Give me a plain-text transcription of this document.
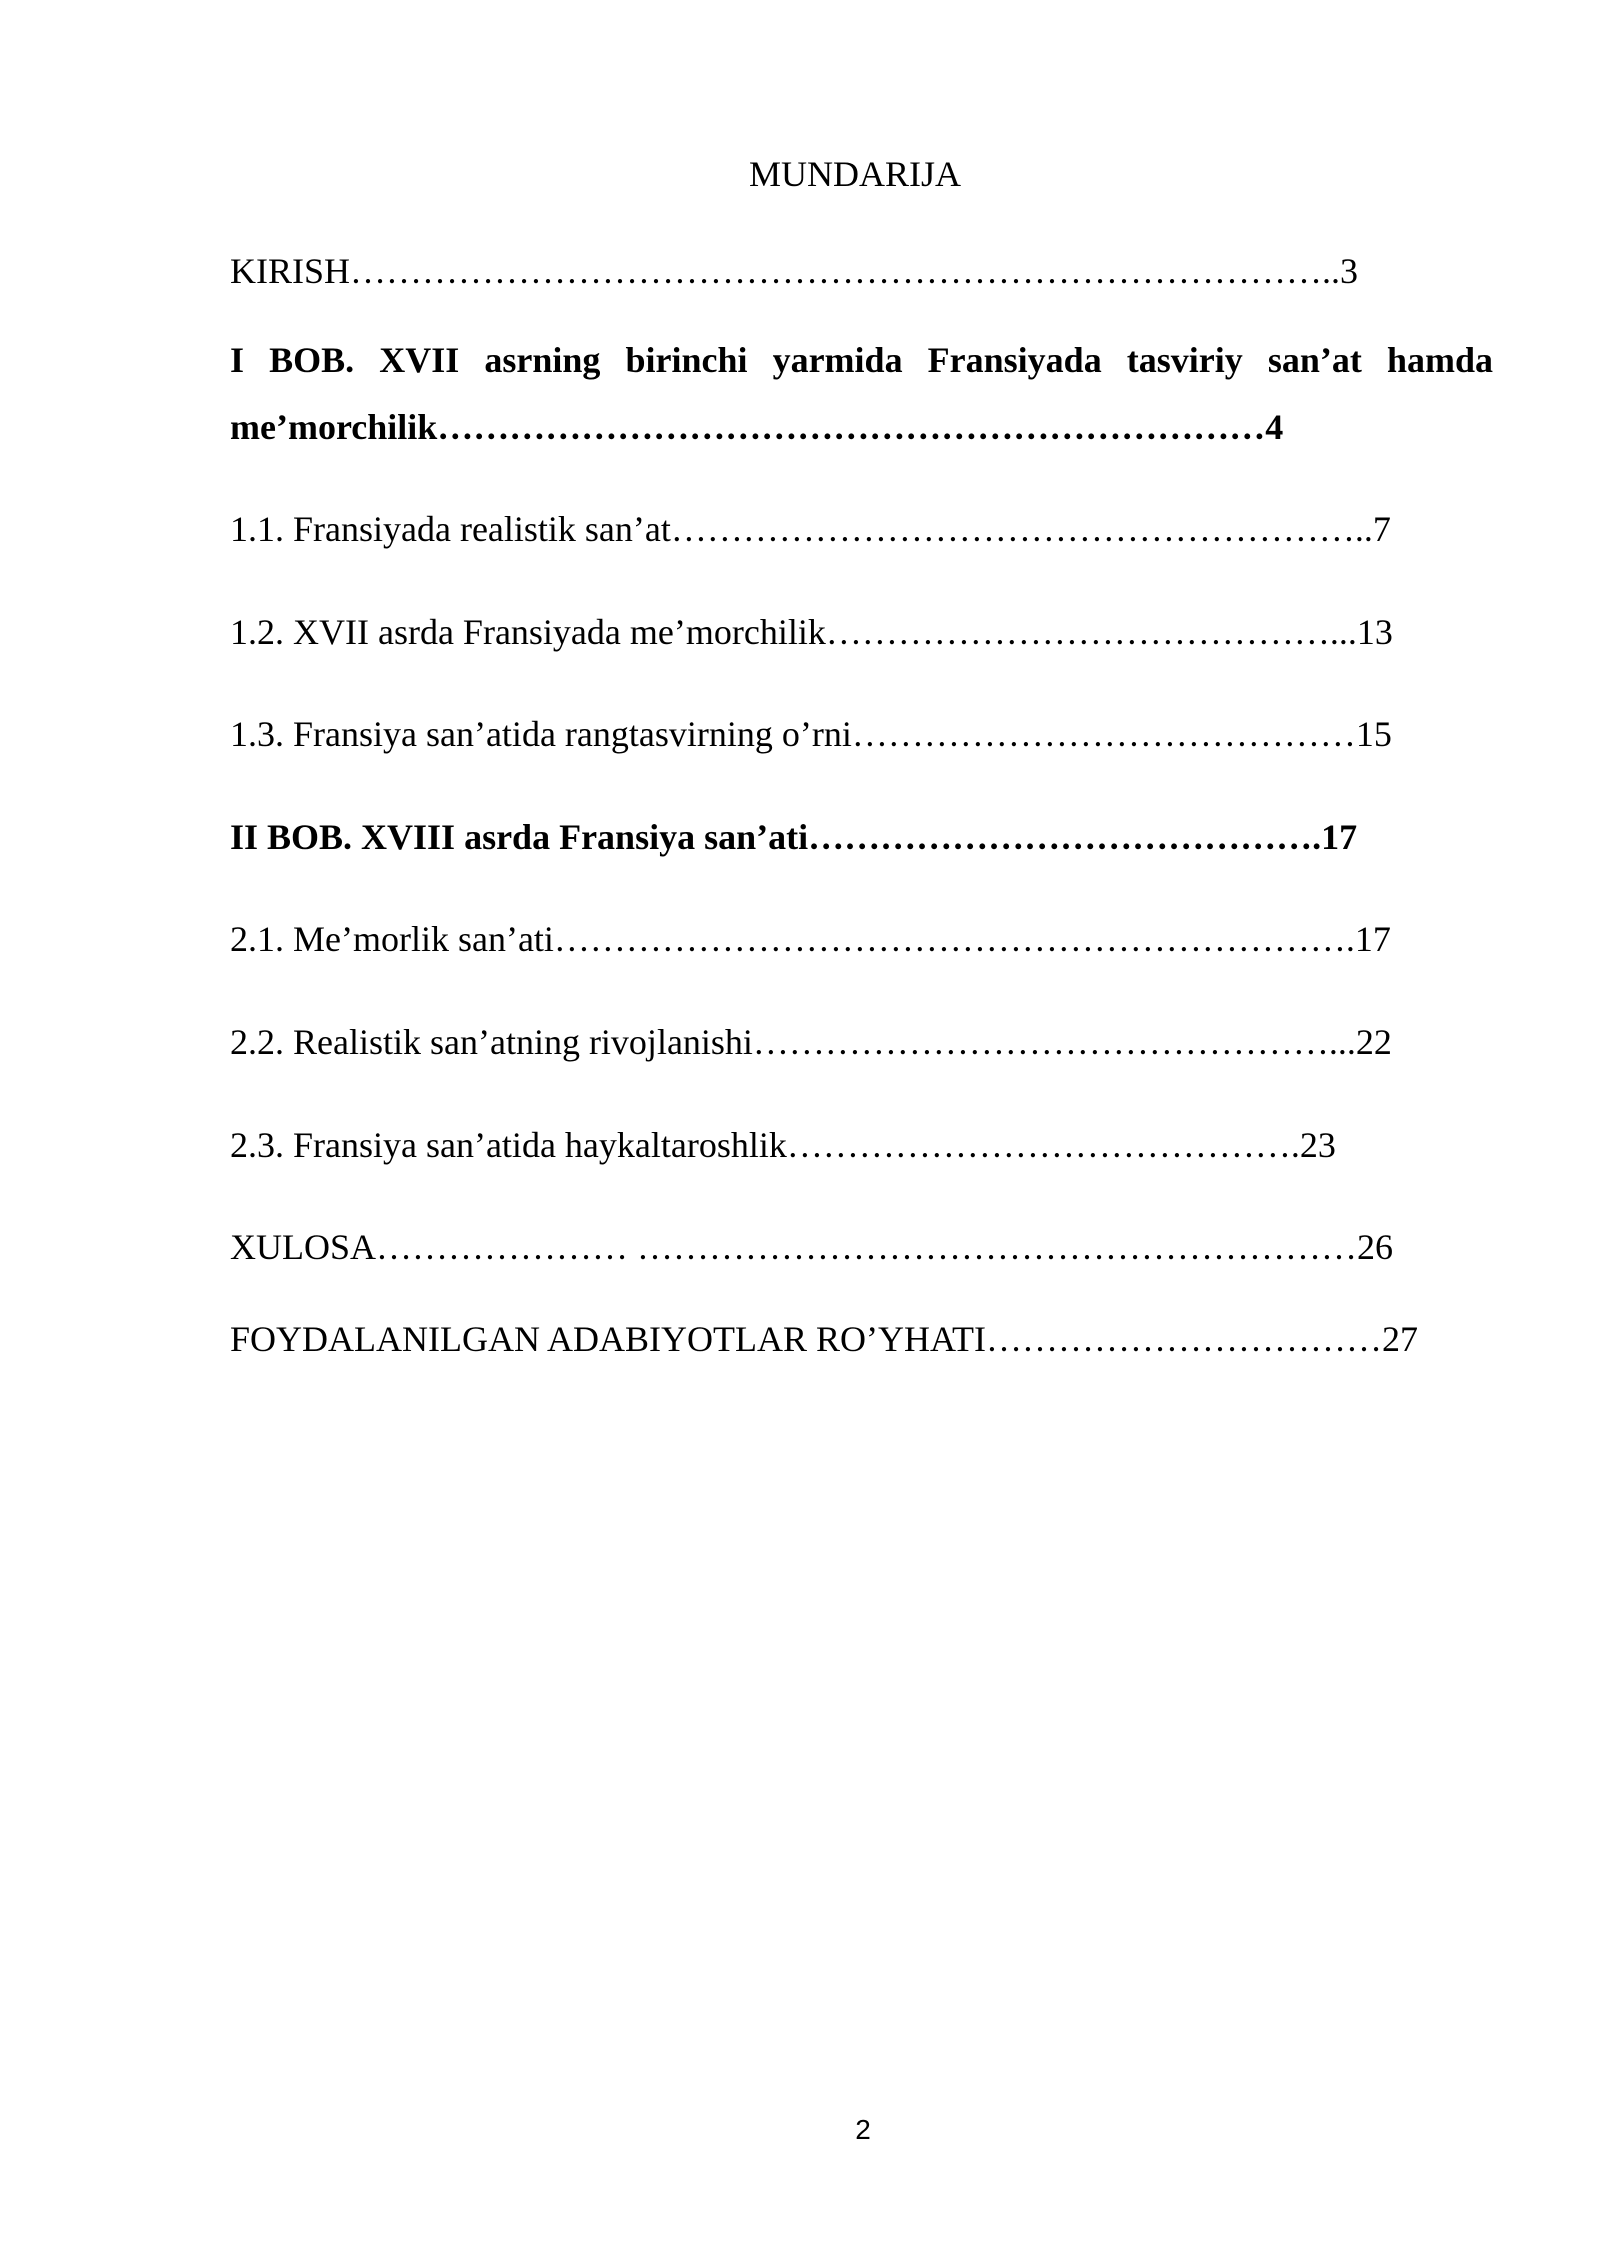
MUNDARIJA
KIRISH………………………………………………………………………..3
I BOB. XVII asrning birinchi yarmida Fransiyada tasviriy san’at hamda
me’morchilik……………………………………………………………4
1.1. Fransiyada realistik san’at…………………………………………………..7
1.2. XVII asrda Fransiyada me’morchilik……………………………………...13
1.3. Fransiya san’atida rangtasvirning o’rni……………………………………15
II BOB. XVIII asrda Fransiya san’ati…………………………………….17
2.1. Me’morlik san’ati………………………………………………………….17
2.2. Realistik san’atning rivojlanishi…………………………………………...22
2.3. Fransiya san’atida haykaltaroshlik…………………………………….23
XULOSA………………… ……………………………………………………26
FOYDALANILGAN ADABIYOTLAR RO’YHATI……………………………27
2
